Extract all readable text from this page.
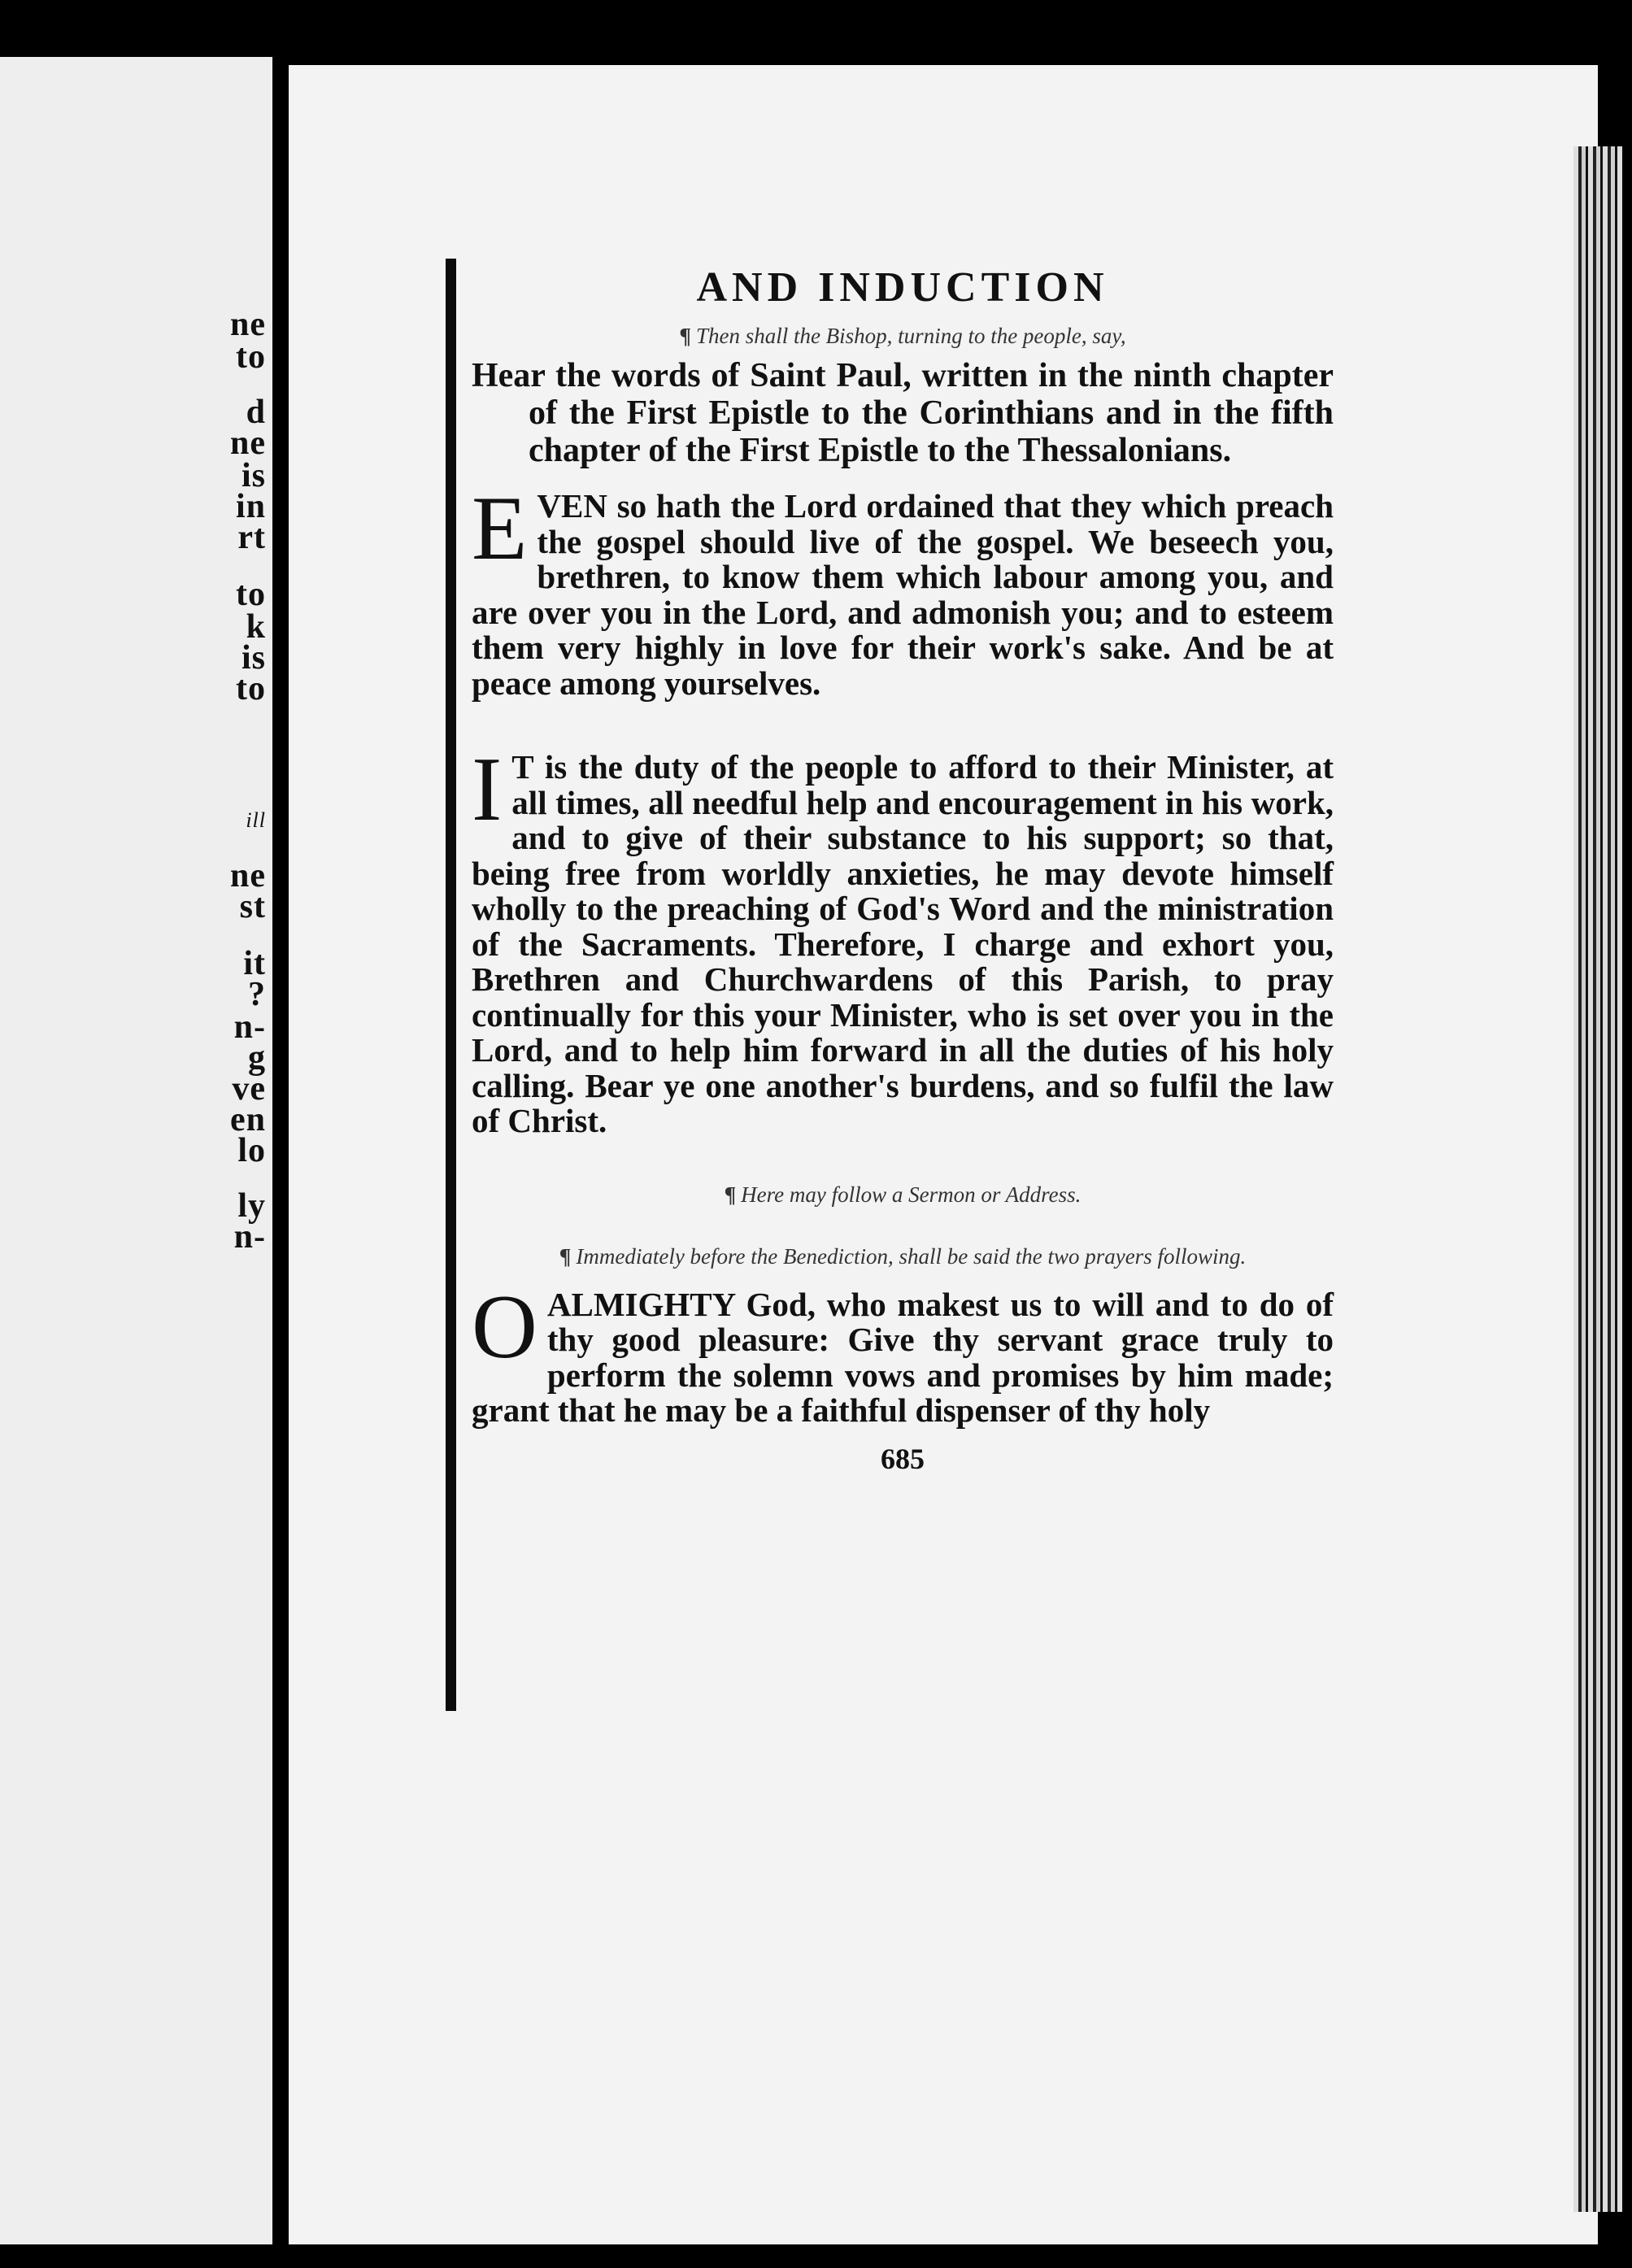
ne

to

d

ne

is

in

rt

to

k

is

to

ill

ne

st

it

?

n-

g

ve

en

lo

ly

n-

AND INDUCTION
¶ Then shall the Bishop, turning to the people, say,

Hear the words of Saint Paul, written in the ninth chapter of the First Epistle to the Corinthians and in the fifth chapter of the First Epistle to the Thessalonians.

EVEN so hath the Lord ordained that they which preach the gospel should live of the gospel. We beseech you, brethren, to know them which labour among you, and are over you in the Lord, and admonish you; and to esteem them very highly in love for their work's sake. And be at peace among yourselves.

I T is the duty of the people to afford to their Minister, at all times, all needful help and encouragement in his work, and to give of their substance to his support; so that, being free from worldly anxieties, he may devote himself wholly to the preaching of God's Word and the ministration of the Sacraments. Therefore, I charge and exhort you, Brethren and Churchwardens of this Parish, to pray continually for this your Minister, who is set over you in the Lord, and to help him forward in all the duties of his holy calling. Bear ye one another's burdens, and so fulfil the law of Christ.

¶ Here may follow a Sermon or Address.
¶ Immediately before the Benediction, shall be said the two prayers following.

OALMIGHTY God, who makest us to will and to do of thy good pleasure: Give thy servant grace truly to perform the solemn vows and promises by him made; grant that he may be a faithful dispenser of thy holy

685
